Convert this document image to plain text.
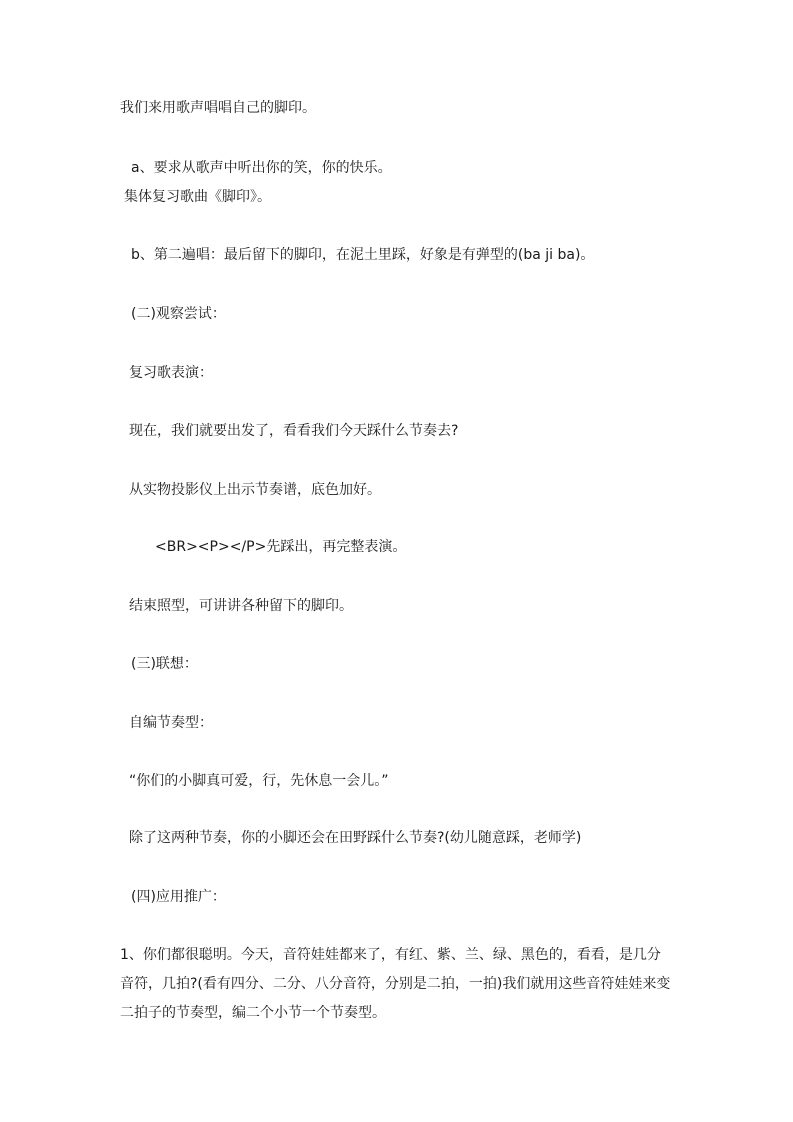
我们来用歌声唱唱自己的脚印。

a、要求从歌声中听出你的笑，你的快乐。

集体复习歌曲《脚印》。

b、第二遍唱：最后留下的脚印，在泥土里踩，好象是有弹型的(ba ji ba)。

(二)观察尝试：

复习歌表演：

现在，我们就要出发了，看看我们今天踩什么节奏去?

从实物投影仪上出示节奏谱，底色加好。

<BR><P></P>先踩出，再完整表演。

结束照型，可讲讲各种留下的脚印。

(三)联想：

自编节奏型：

“你们的小脚真可爱，行，先休息一会儿。”

除了这两种节奏，你的小脚还会在田野踩什么节奏?(幼儿随意踩，老师学)

(四)应用推广：

1、你们都很聪明。今天，音符娃娃都来了，有红、紫、兰、绿、黑色的，看看，是几分

音符，几拍?(看有四分、二分、八分音符，分别是二拍，一拍)我们就用这些音符娃娃来变

二拍子的节奏型，编二个小节一个节奏型。
